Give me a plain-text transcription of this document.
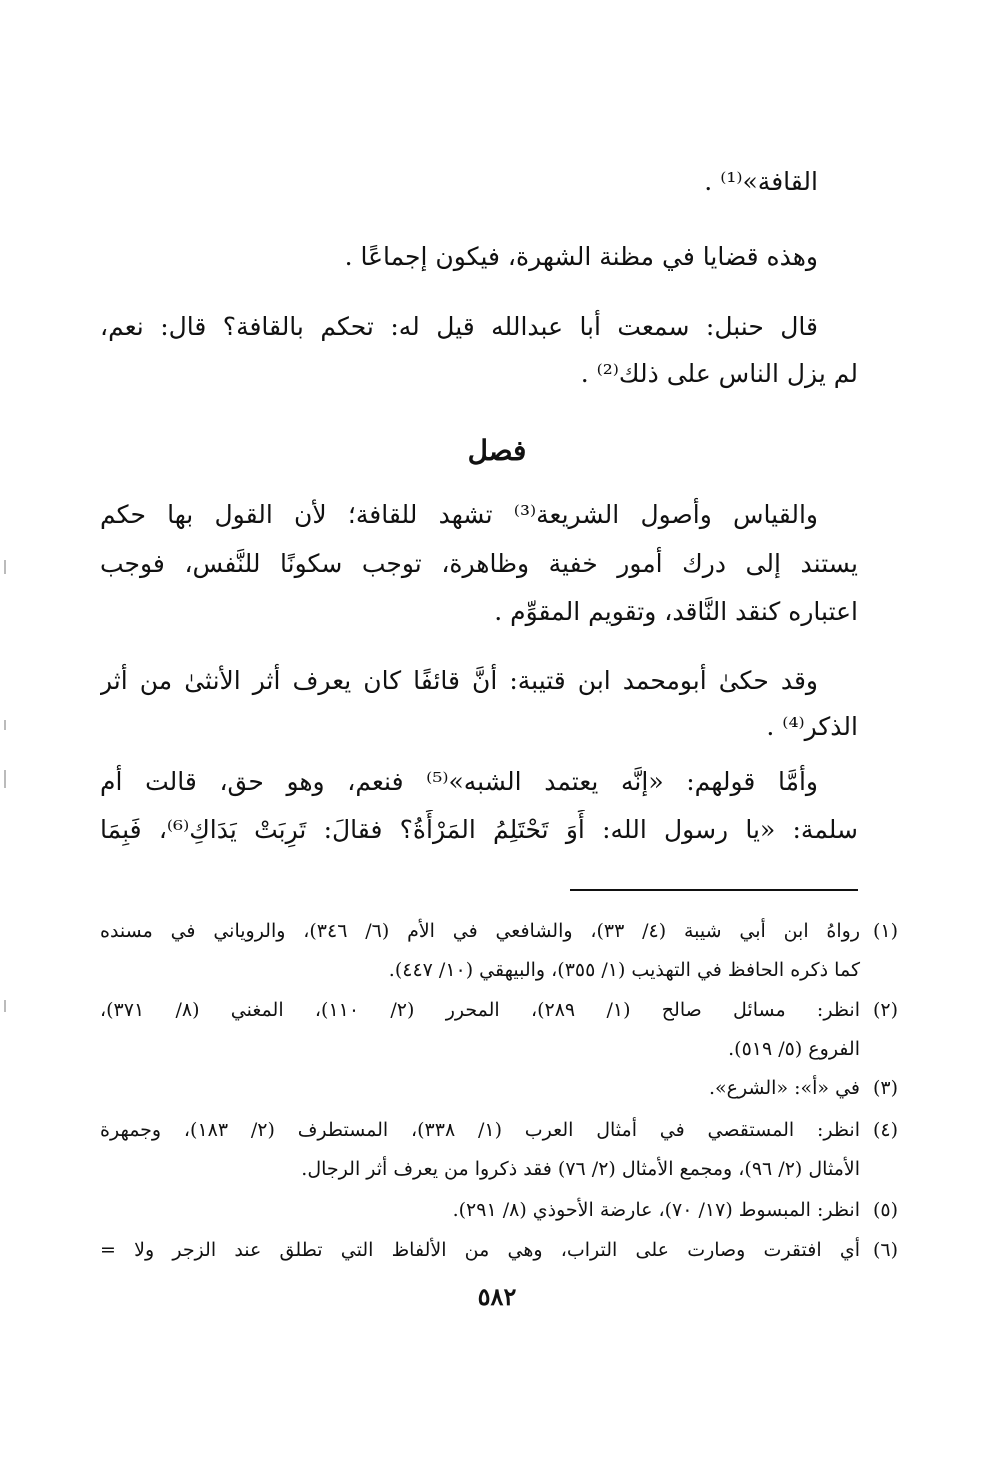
القافة»⁽¹⁾ .
وهذه قضايا في مظنة الشهرة، فيكون إجماعًا .
قال حنبل: سمعت أبا عبدالله قيل له: تحكم بالقافة؟ قال: نعم،
لم يزل الناس على ذلك⁽²⁾ .
فصل
والقياس وأصول الشريعة⁽³⁾ تشهد للقافة؛ لأن القول بها حكم
يستند إلى درك أمور خفية وظاهرة، توجب سكونًا للنَّفس، فوجب
اعتباره كنقد النَّاقد، وتقويم المقوِّم .
وقد حكىٰ أبومحمد ابن قتيبة: أنَّ قائفًا كان يعرف أثر الأنثىٰ من أثر
الذكر⁽⁴⁾ .
وأمَّا قولهم: «إنَّه يعتمد الشبه»⁽⁵⁾ فنعم، وهو حق، قالت أم
سلمة: «يا رسول الله: أَوَ تَحْتَلِمُ المَرْأَةُ؟ فقالَ: تَرِبَتْ يَدَاكِ⁽⁶⁾، فَبِمَا
(١)
رواهُ ابن أبي شيبة (٤/ ٣٣)، والشافعي في الأم (٦/ ٣٤٦)، والروياني في مسنده
كما ذكره الحافظ في التهذيب (١/ ٣٥٥)، والبيهقي (١٠/ ٤٤٧).
(٢)
انظر: مسائل صالح (١/ ٢٨٩)، المحرر (٢/ ١١٠)، المغني (٨/ ٣٧١)،
الفروع (٥/ ٥١٩).
(٣)
في «أ»: «الشرع».
(٤)
انظر: المستقصي في أمثال العرب (١/ ٣٣٨)، المستطرف (٢/ ١٨٣)، وجمهرة
الأمثال (٢/ ٩٦)، ومجمع الأمثال (٢/ ٧٦) فقد ذكروا من يعرف أثر الرجال.
(٥)
انظر: المبسوط (١٧/ ٧٠)، عارضة الأحوذي (٨/ ٢٩١).
(٦)
أي افتقرت وصارت على التراب، وهي من الألفاظ التي تطلق عند الزجر ولا =
٥٨٢
